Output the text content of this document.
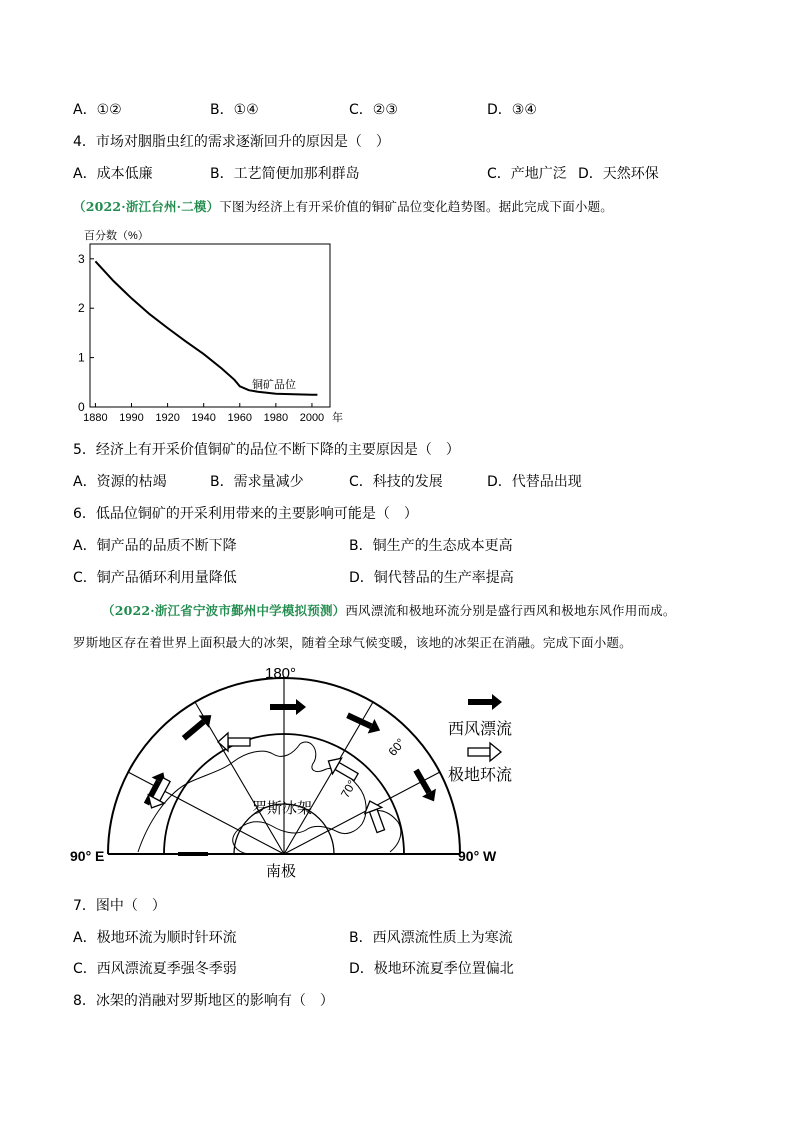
A．①②	B．①④	C．②③	D．③④
4．市场对胭脂虫红的需求逐渐回升的原因是（　）
A．成本低廉	B．工艺简便加那利群岛	C．产地广泛 D．天然环保
（2022·浙江台州·二模）下图为经济上有开采价值的铜矿品位变化趋势图。据此完成下面小题。
百分数（%）
0
1
2
3
1880 1990 1920 1940 1960 1980 2000
铜矿品位
年
5．经济上有开采价值铜矿的品位不断下降的主要原因是（　）
A．资源的枯竭	B．需求量减少	C．科技的发展	D．代替品出现
6．低品位铜矿的开采利用带来的主要影响可能是（　）
A．铜产品的品质不断下降	B．铜生产的生态成本更高
C．铜产品循环利用量降低	D．铜代替品的生产率提高
（2022·浙江省宁波市鄞州中学模拟预测）西风漂流和极地环流分别是盛行西风和极地东风作用而成。
罗斯地区存在着世界上面积最大的冰架，随着全球气候变暖，该地的冰架正在消融。完成下面小题。
180°
90° E	90° W
南极
60°
70°
罗斯冰架
西风漂流
极地环流
7．图中（　）
A．极地环流为顺时针环流	B．西风漂流性质上为寒流
C．西风漂流夏季强冬季弱	D．极地环流夏季位置偏北
8．冰架的消融对罗斯地区的影响有（　）
